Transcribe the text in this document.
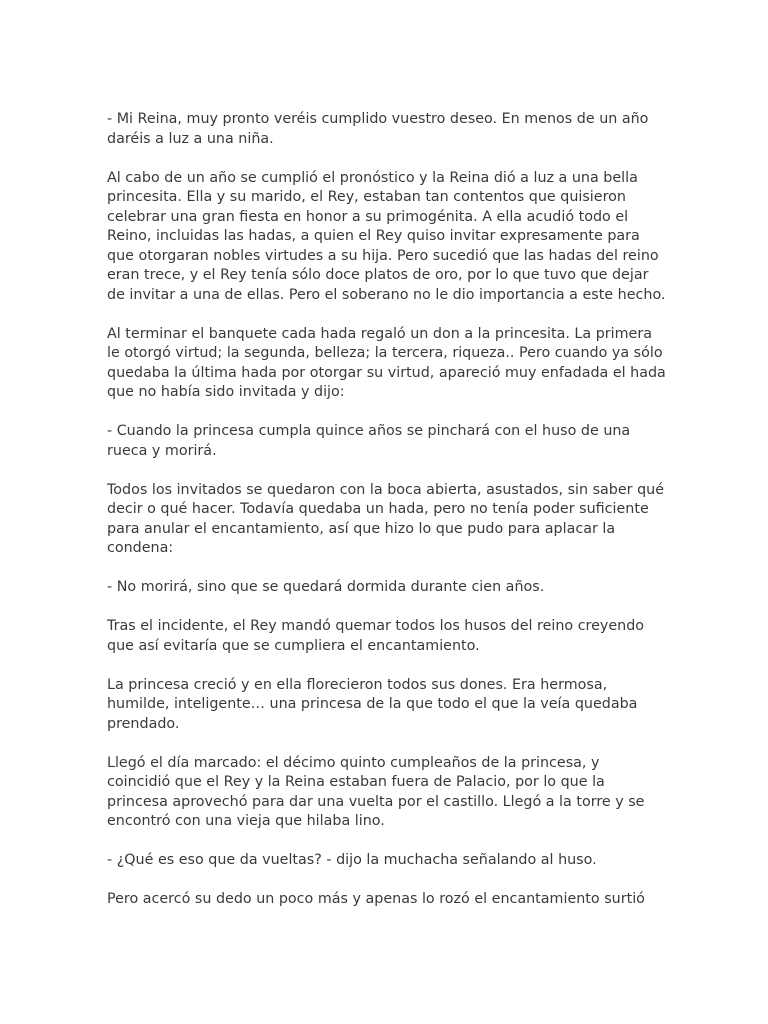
- Mi Reina, muy pronto veréis cumplido vuestro deseo. En menos de un año daréis a luz a una niña.

Al cabo de un año se cumplió el pronóstico y la Reina dió a luz a una bella princesita. Ella y su marido, el Rey, estaban tan contentos que quisieron celebrar una gran fiesta en honor a su primogénita. A ella acudió todo el Reino, incluidas las hadas, a quien el Rey quiso invitar expresamente para que otorgaran nobles virtudes a su hija. Pero sucedió que las hadas del reino eran trece, y el Rey tenía sólo doce platos de oro, por lo que tuvo que dejar de invitar a una de ellas. Pero el soberano no le dio importancia a este hecho.

Al terminar el banquete cada hada regaló un don a la princesita. La primera le otorgó virtud; la segunda, belleza; la tercera, riqueza.. Pero cuando ya sólo quedaba la última hada por otorgar su virtud, apareció muy enfadada el hada que no había sido invitada y dijo:

- Cuando la princesa cumpla quince años se pinchará con el huso de una rueca y morirá.

Todos los invitados se quedaron con la boca abierta, asustados, sin saber qué decir o qué hacer. Todavía quedaba un hada, pero no tenía poder suficiente para anular el encantamiento, así que hizo lo que pudo para aplacar la condena:

- No morirá, sino que se quedará dormida durante cien años.

Tras el incidente, el Rey mandó quemar todos los husos del reino creyendo que así evitaría que se cumpliera el encantamiento.

La princesa creció y en ella florecieron todos sus dones. Era hermosa, humilde, inteligente… una princesa de la que todo el que la veía quedaba prendado.

Llegó el día marcado: el décimo quinto cumpleaños de la princesa, y coincidió que el Rey y la Reina estaban fuera de Palacio, por lo que la princesa aprovechó para dar una vuelta por el castillo. Llegó a la torre y se encontró con una vieja que hilaba lino.

- ¿Qué es eso que da vueltas? - dijo la muchacha señalando al huso.

Pero acercó su dedo un poco más y apenas lo rozó el encantamiento surtió
